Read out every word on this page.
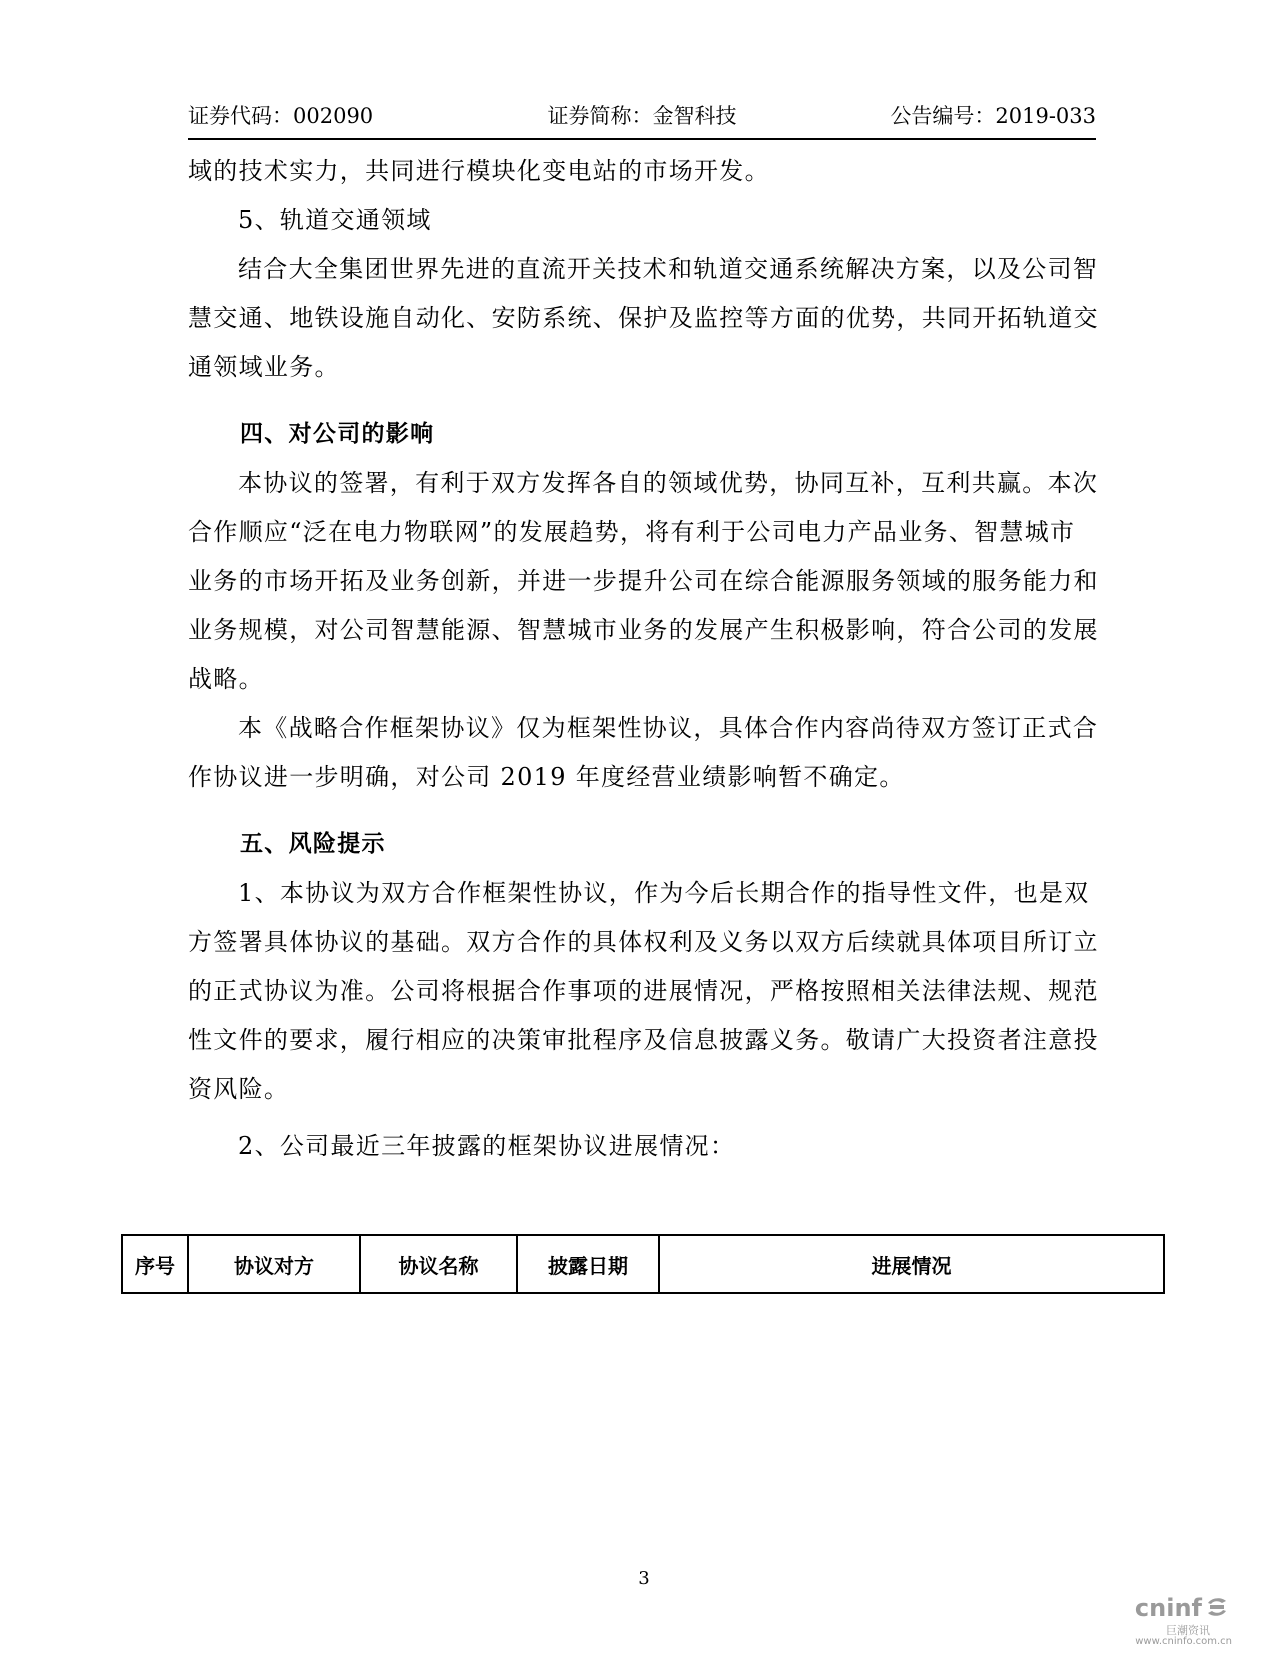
证券代码：002090	证券简称：金智科技	公告编号：2019-033

域的技术实力，共同进行模块化变电站的市场开发。

5、轨道交通领域

结合大全集团世界先进的直流开关技术和轨道交通系统解决方案，以及公司智慧交通、地铁设施自动化、安防系统、保护及监控等方面的优势，共同开拓轨道交通领域业务。

四、对公司的影响

本协议的签署，有利于双方发挥各自的领域优势，协同互补，互利共赢。本次合作顺应“泛在电力物联网”的发展趋势，将有利于公司电力产品业务、智慧城市业务的市场开拓及业务创新，并进一步提升公司在综合能源服务领域的服务能力和业务规模，对公司智慧能源、智慧城市业务的发展产生积极影响，符合公司的发展战略。

本《战略合作框架协议》仅为框架性协议，具体合作内容尚待双方签订正式合作协议进一步明确，对公司 2019 年度经营业绩影响暂不确定。

五、风险提示

1、本协议为双方合作框架性协议，作为今后长期合作的指导性文件，也是双方签署具体协议的基础。双方合作的具体权利及义务以双方后续就具体项目所订立的正式协议为准。公司将根据合作事项的进展情况，严格按照相关法律法规、规范性文件的要求，履行相应的决策审批程序及信息披露义务。敬请广大投资者注意投资风险。

2、公司最近三年披露的框架协议进展情况：

序号	协议对方	协议名称	披露日期	进展情况
3
cninf
巨潮资讯
www.cninfo.com.cn
